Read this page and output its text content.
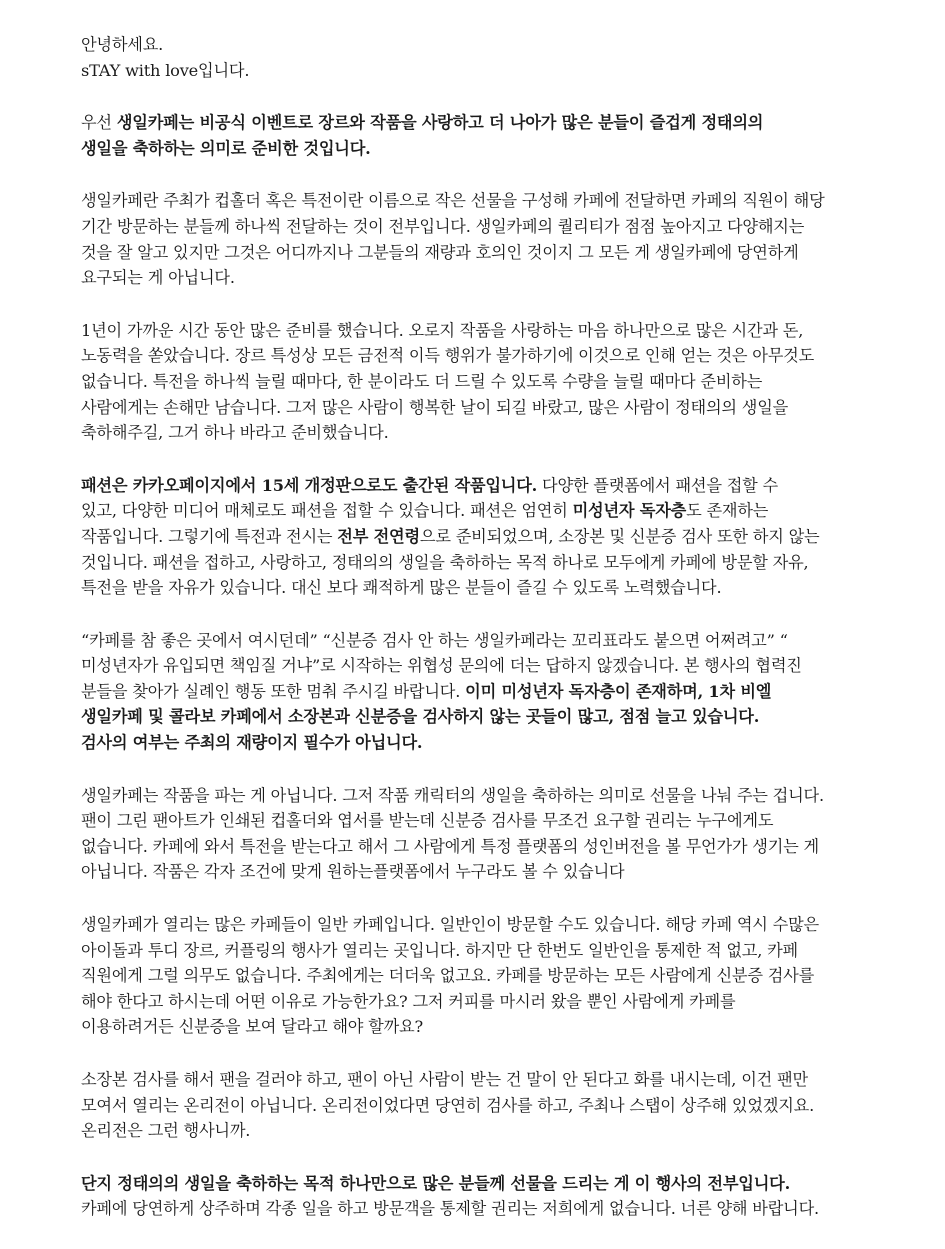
안녕하세요.
sTAY with love입니다.
우선 생일카페는 비공식 이벤트로 장르와 작품을 사랑하고 더 나아가 많은 분들이 즐겁게 정태의의
생일을 축하하는 의미로 준비한 것입니다.
생일카페란 주최가 컵홀더 혹은 특전이란 이름으로 작은 선물을 구성해 카페에 전달하면 카페의 직원이 해당
기간 방문하는 분들께 하나씩 전달하는 것이 전부입니다. 생일카페의 퀄리티가 점점 높아지고 다양해지는
것을 잘 알고 있지만 그것은 어디까지나 그분들의 재량과 호의인 것이지 그 모든 게 생일카페에 당연하게
요구되는 게 아닙니다.
1년이 가까운 시간 동안 많은 준비를 했습니다. 오로지 작품을 사랑하는 마음 하나만으로 많은 시간과 돈,
노동력을 쏟았습니다. 장르 특성상 모든 금전적 이득 행위가 불가하기에 이것으로 인해 얻는 것은 아무것도
없습니다. 특전을 하나씩 늘릴 때마다, 한 분이라도 더 드릴 수 있도록 수량을 늘릴 때마다 준비하는
사람에게는 손해만 남습니다. 그저 많은 사람이 행복한 날이 되길 바랐고, 많은 사람이 정태의의 생일을
축하해주길, 그거 하나 바라고 준비했습니다.
패션은 카카오페이지에서 15세 개정판으로도 출간된 작품입니다. 다양한 플랫폼에서 패션을 접할 수
있고, 다양한 미디어 매체로도 패션을 접할 수 있습니다. 패션은 엄연히 미성년자 독자층도 존재하는
작품입니다. 그렇기에 특전과 전시는 전부 전연령으로 준비되었으며, 소장본 및 신분증 검사 또한 하지 않는
것입니다. 패션을 접하고, 사랑하고, 정태의의 생일을 축하하는 목적 하나로 모두에게 카페에 방문할 자유,
특전을 받을 자유가 있습니다. 대신 보다 쾌적하게 많은 분들이 즐길 수 있도록 노력했습니다.
“카페를 참 좋은 곳에서 여시던데” “신분증 검사 안 하는 생일카페라는 꼬리표라도 붙으면 어쩌려고” “
미성년자가 유입되면 책임질 거냐”로 시작하는 위협성 문의에 더는 답하지 않겠습니다. 본 행사의 협력진
분들을 찾아가 실례인 행동 또한 멈춰 주시길 바랍니다. 이미 미성년자 독자층이 존재하며, 1차 비엘
생일카페 및 콜라보 카페에서 소장본과 신분증을 검사하지 않는 곳들이 많고, 점점 늘고 있습니다.
검사의 여부는 주최의 재량이지 필수가 아닙니다.
생일카페는 작품을 파는 게 아닙니다. 그저 작품 캐릭터의 생일을 축하하는 의미로 선물을 나눠 주는 겁니다.
팬이 그린 팬아트가 인쇄된 컵홀더와 엽서를 받는데 신분증 검사를 무조건 요구할 권리는 누구에게도
없습니다. 카페에 와서 특전을 받는다고 해서 그 사람에게 특정 플랫폼의 성인버전을 볼 무언가가 생기는 게
아닙니다. 작품은 각자 조건에 맞게 원하는플랫폼에서 누구라도 볼 수 있습니다
생일카페가 열리는 많은 카페들이 일반 카페입니다. 일반인이 방문할 수도 있습니다. 해당 카페 역시 수많은
아이돌과 투디 장르, 커플링의 행사가 열리는 곳입니다. 하지만 단 한번도 일반인을 통제한 적 없고, 카페
직원에게 그럴 의무도 없습니다. 주최에게는 더더욱 없고요. 카페를 방문하는 모든 사람에게 신분증 검사를
해야 한다고 하시는데 어떤 이유로 가능한가요? 그저 커피를 마시러 왔을 뿐인 사람에게 카페를
이용하려거든 신분증을 보여 달라고 해야 할까요?
소장본 검사를 해서 팬을 걸러야 하고, 팬이 아닌 사람이 받는 건 말이 안 된다고 화를 내시는데, 이건 팬만
모여서 열리는 온리전이 아닙니다. 온리전이었다면 당연히 검사를 하고, 주최나 스탭이 상주해 있었겠지요.
온리전은 그런 행사니까.
단지 정태의의 생일을 축하하는 목적 하나만으로 많은 분들께 선물을 드리는 게 이 행사의 전부입니다.
카페에 당연하게 상주하며 각종 일을 하고 방문객을 통제할 권리는 저희에게 없습니다. 너른 양해 바랍니다.
